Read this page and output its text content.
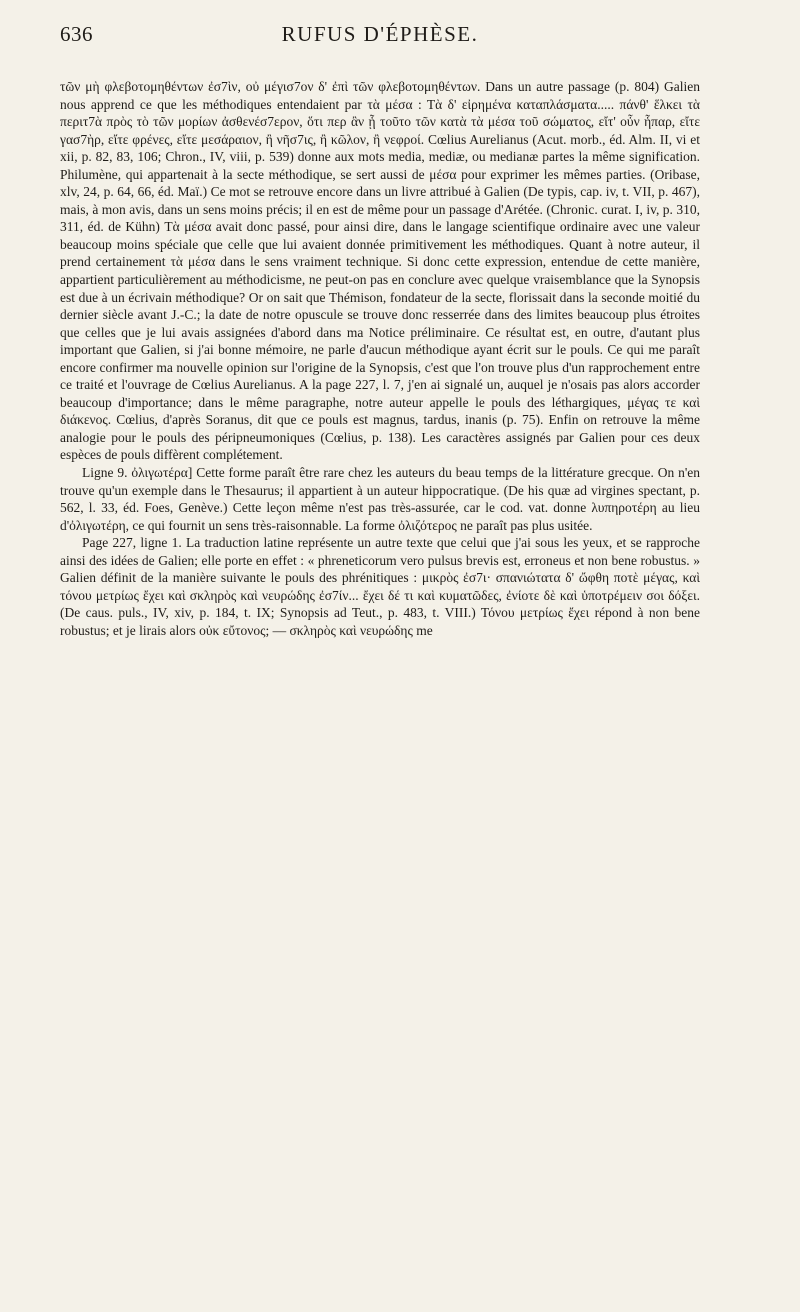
636	RUFUS D'ÉPHÈSE.

τῶν μὴ φλεβοτομηθέντων ἐσ7ὶν, οὐ μέγισ7ον δ' ἐπὶ τῶν φλεβοτομηθέντων. Dans un autre passage (p. 804) Galien nous apprend ce que les méthodiques entendaient par τὰ μέσα : Τὰ δ' εἰρημένα καταπλάσματα..... πάνθ' ἕλκει τὰ περιτ7ὰ πρὸς τὸ τῶν μορίων ἀσθενέσ7ερον, ὅτι περ ἂν ᾖ τοῦτο τῶν κατὰ τὰ μέσα τοῦ σώματος, εἴτ' οὖν ἧπαρ, εἴτε γασ7ὴρ, εἴτε φρένες, εἴτε μεσάραιον, ἢ νῆσ7ις, ἢ κῶλον, ἢ νεφροί. Cœlius Aurelianus (Acut. morb., éd. Alm. II, vi et xii, p. 82, 83, 106; Chron., IV, viii, p. 539) donne aux mots media, mediæ, ou medianæ partes la même signification. Philumène, qui appartenait à la secte méthodique, se sert aussi de μέσα pour exprimer les mêmes parties. (Oribase, xlv, 24, p. 64, 66, éd. Maï.) Ce mot se retrouve encore dans un livre attribué à Galien (De typis, cap. iv, t. VII, p. 467), mais, à mon avis, dans un sens moins précis; il en est de même pour un passage d'Arétée. (Chronic. curat. I, iv, p. 310, 311, éd. de Kühn) Τὰ μέσα avait donc passé, pour ainsi dire, dans le langage scientifique ordinaire avec une valeur beaucoup moins spéciale que celle que lui avaient donnée primitivement les méthodiques. Quant à notre auteur, il prend certainement τὰ μέσα dans le sens vraiment technique. Si donc cette expression, entendue de cette manière, appartient particulièrement au méthodicisme, ne peut-on pas en conclure avec quelque vraisemblance que la Synopsis est due à un écrivain méthodique? Or on sait que Thémison, fondateur de la secte, florissait dans la seconde moitié du dernier siècle avant J.-C.; la date de notre opuscule se trouve donc resserrée dans des limites beaucoup plus étroites que celles que je lui avais assignées d'abord dans ma Notice préliminaire. Ce résultat est, en outre, d'autant plus important que Galien, si j'ai bonne mémoire, ne parle d'aucun méthodique ayant écrit sur le pouls. Ce qui me paraît encore confirmer ma nouvelle opinion sur l'origine de la Synopsis, c'est que l'on trouve plus d'un rapprochement entre ce traité et l'ouvrage de Cœlius Aurelianus. A la page 227, l. 7, j'en ai signalé un, auquel je n'osais pas alors accorder beaucoup d'importance; dans le même paragraphe, notre auteur appelle le pouls des léthargiques, μέγας τε καὶ διάκενος. Cœlius, d'après Soranus, dit que ce pouls est magnus, tardus, inanis (p. 75). Enfin on retrouve la même analogie pour le pouls des péripneumoniques (Cœlius, p. 138). Les caractères assignés par Galien pour ces deux espèces de pouls diffèrent complétement.

Ligne 9. ὀλιγωτέρα] Cette forme paraît être rare chez les auteurs du beau temps de la littérature grecque. On n'en trouve qu'un exemple dans le Thesaurus; il appartient à un auteur hippocratique. (De his quæ ad virgines spectant, p. 562, l. 33, éd. Foes, Genève.) Cette leçon même n'est pas très-assurée, car le cod. vat. donne λυπηροτέρη au lieu d'ὀλιγωτέρη, ce qui fournit un sens très-raisonnable. La forme ὀλιζότερος ne paraît pas plus usitée.

Page 227, ligne 1. La traduction latine représente un autre texte que celui que j'ai sous les yeux, et se rapproche ainsi des idées de Galien; elle porte en effet : « phreneticorum vero pulsus brevis est, erroneus et non bene robustus. » Galien définit de la manière suivante le pouls des phrénitiques : μικρὸς ἐσ7ι· σπανιώτατα δ' ὤφθη ποτὲ μέγας, καὶ τόνου μετρίως ἔχει καὶ σκληρὸς καὶ νευρώδης ἐσ7ίν... ἔχει δέ τι καὶ κυματῶδες, ἐνίοτε δὲ καὶ ὑποτρέμειν σοι δόξει. (De caus. puls., IV, xiv, p. 184, t. IX; Synopsis ad Teut., p. 483, t. VIII.) Τόνου μετρίως ἔχει répond à non bene robustus; et je lirais alors οὐκ εὔτονος; — σκληρὸς καὶ νευρώδης me
